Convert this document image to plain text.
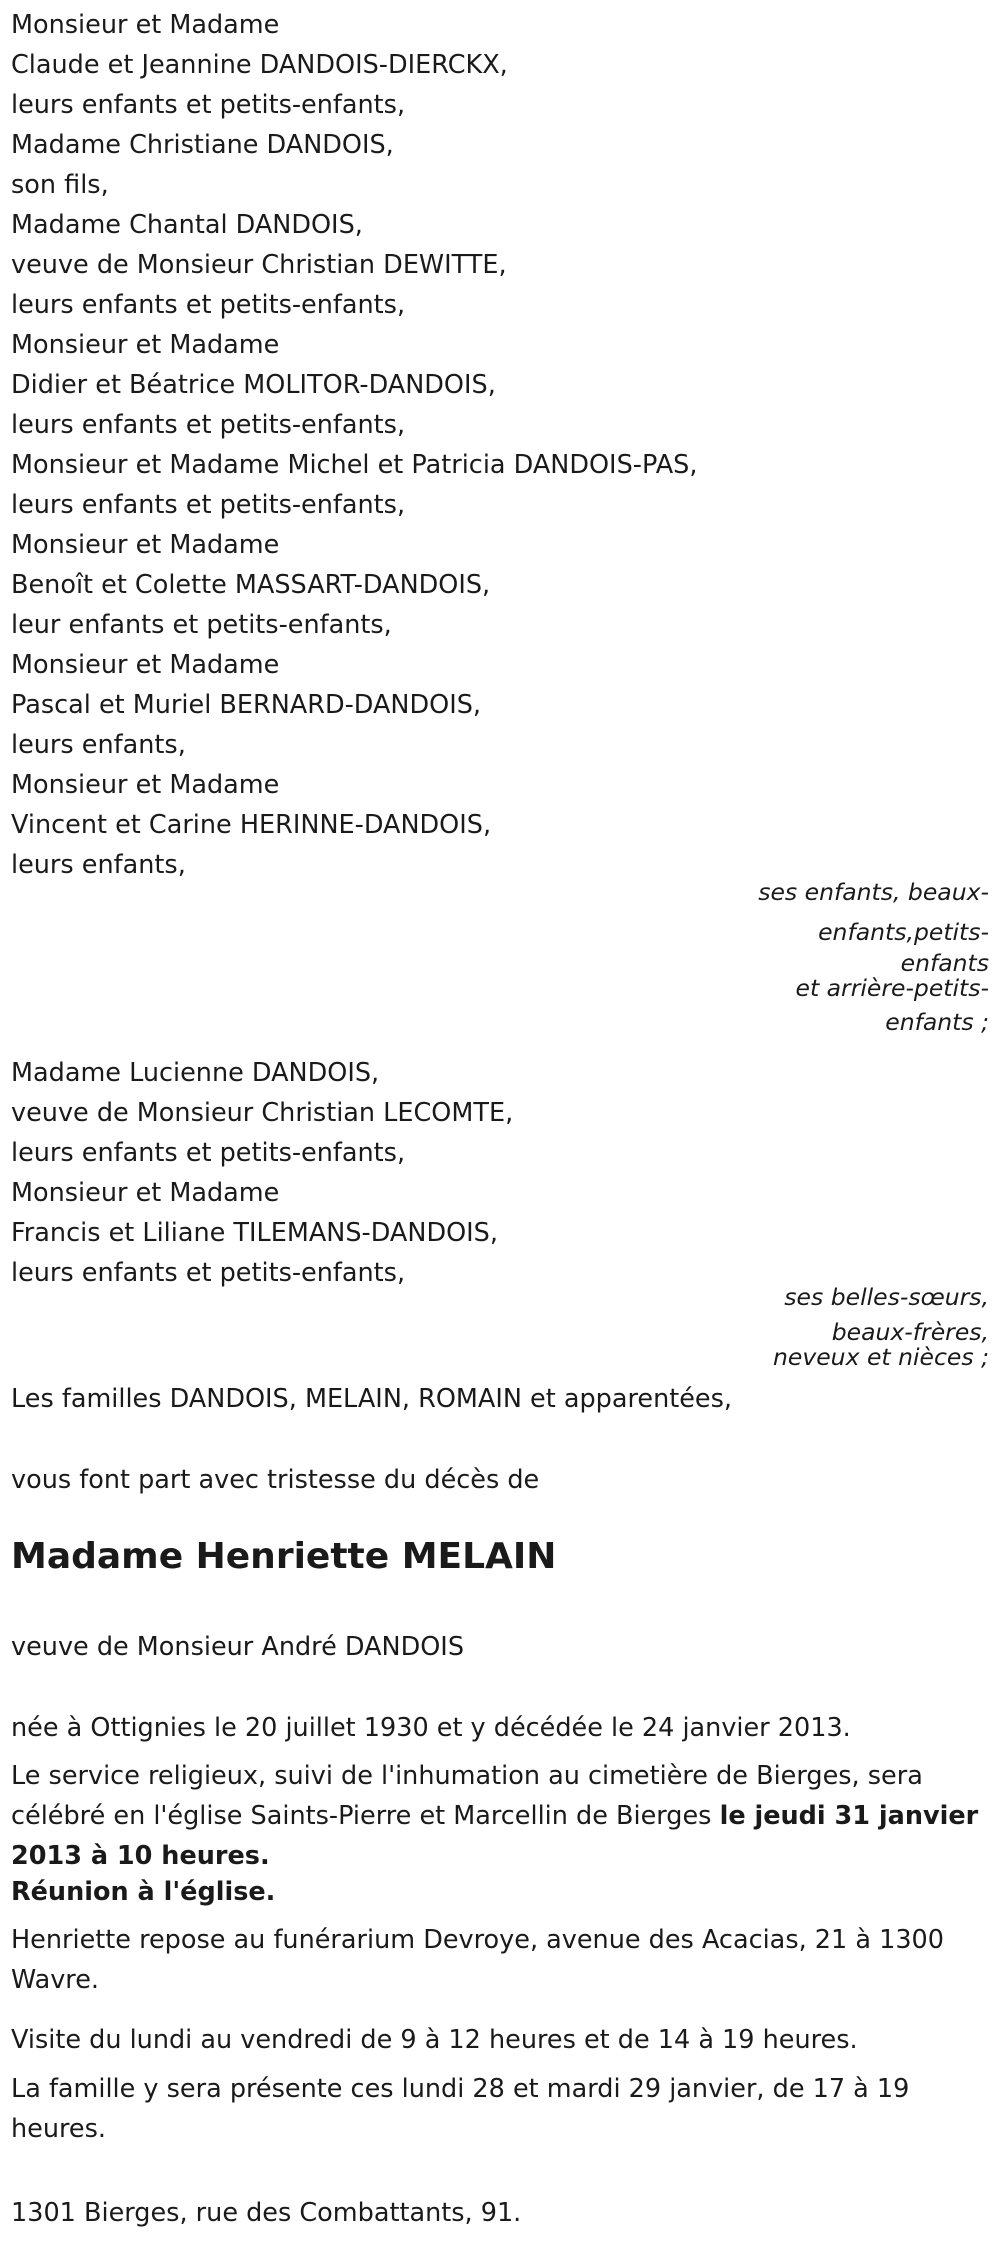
Monsieur et Madame
Claude et Jeannine DANDOIS-DIERCKX,
leurs enfants et petits-enfants,
Madame Christiane DANDOIS,
son fils,
Madame Chantal DANDOIS,
veuve de Monsieur Christian DEWITTE,
leurs enfants et petits-enfants,
Monsieur et Madame
Didier et Béatrice MOLITOR-DANDOIS,
leurs enfants et petits-enfants,
Monsieur et Madame Michel et Patricia DANDOIS-PAS,
leurs enfants et petits-enfants,
Monsieur et Madame
Benoît et Colette MASSART-DANDOIS,
leur enfants et petits-enfants,
Monsieur et Madame
Pascal et Muriel BERNARD-DANDOIS,
leurs enfants,
Monsieur et Madame
Vincent et Carine HERINNE-DANDOIS,
leurs enfants,
ses enfants, beaux-
enfants,petits-
enfants
et arrière-petits-
enfants ;
Madame Lucienne DANDOIS,
veuve de Monsieur Christian LECOMTE,
leurs enfants et petits-enfants,
Monsieur et Madame
Francis et Liliane TILEMANS-DANDOIS,
leurs enfants et petits-enfants,
ses belles-sœurs,
beaux-frères,
neveux et nièces ;
Les familles DANDOIS, MELAIN, ROMAIN et apparentées,
vous font part avec tristesse du décès de
Madame Henriette MELAIN
veuve de Monsieur André DANDOIS
née à Ottignies le 20 juillet 1930 et y décédée le 24 janvier 2013.
Le service religieux, suivi de l'inhumation au cimetière de Bierges, sera célébré en l'église Saints-Pierre et Marcellin de Bierges le jeudi 31 janvier 2013 à 10 heures.
Réunion à l'église.
Henriette repose au funérarium Devroye, avenue des Acacias, 21 à 1300 Wavre.
Visite du lundi au vendredi de 9 à 12 heures et de 14 à 19 heures.
La famille y sera présente ces lundi 28 et mardi 29 janvier, de 17 à 19 heures.
1301 Bierges, rue des Combattants, 91.
